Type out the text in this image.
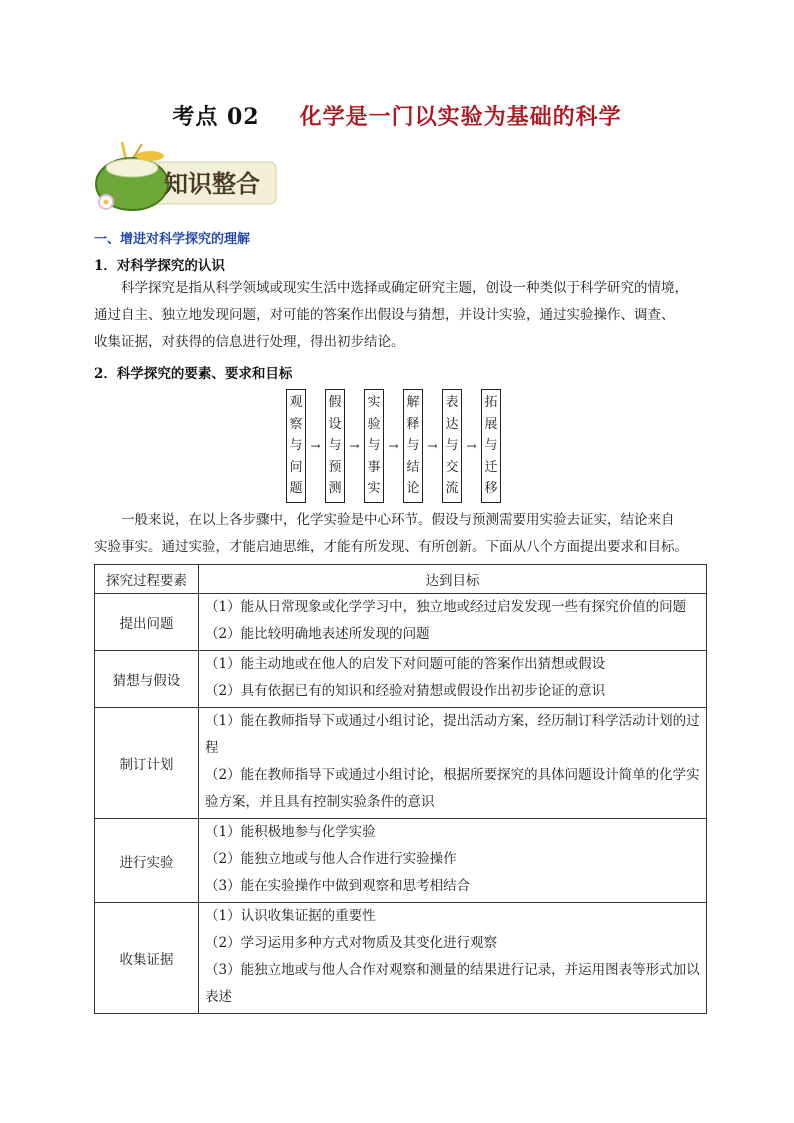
考点 02 化学是一门以实验为基础的科学
知识整合
一、增进对科学探究的理解
1．对科学探究的认识
科学探究是指从科学领域或现实生活中选择或确定研究主题，创设一种类似于科学研究的情境，
通过自主、独立地发现问题，对可能的答案作出假设与猜想，并设计实验，通过实验操作、调查、
收集证据，对获得的信息进行处理，得出初步结论。
2．科学探究的要素、要求和目标
观
察
与
问
题
→
假
设
与
预
测
→
实
验
与
事
实
→
解
释
与
结
论
→
表
达
与
交
流
→
拓
展
与
迁
移
一般来说，在以上各步骤中，化学实验是中心环节。假设与预测需要用实验去证实，结论来自
实验事实。通过实验，才能启迪思维，才能有所发现、有所创新。下面从八个方面提出要求和目标。
探究过程要素	达到目标
提出问题	（1）能从日常现象或化学学习中，独立地或经过启发发现一些有探究价值的问题
（2）能比较明确地表述所发现的问题

猜想与假设	（1）能主动地或在他人的启发下对问题可能的答案作出猜想或假设
（2）具有依据已有的知识和经验对猜想或假设作出初步论证的意识

制订计划	（1）能在教师指导下或通过小组讨论，提出活动方案，经历制订科学活动计划的过程
（2）能在教师指导下或通过小组讨论，根据所要探究的具体问题设计简单的化学实验方案，并且具有控制实验条件的意识

进行实验	（1）能积极地参与化学实验
（2）能独立地或与他人合作进行实验操作
（3）能在实验操作中做到观察和思考相结合

收集证据	（1）认识收集证据的重要性
（2）学习运用多种方式对物质及其变化进行观察
（3）能独立地或与他人合作对观察和测量的结果进行记录，并运用图表等形式加以表述
